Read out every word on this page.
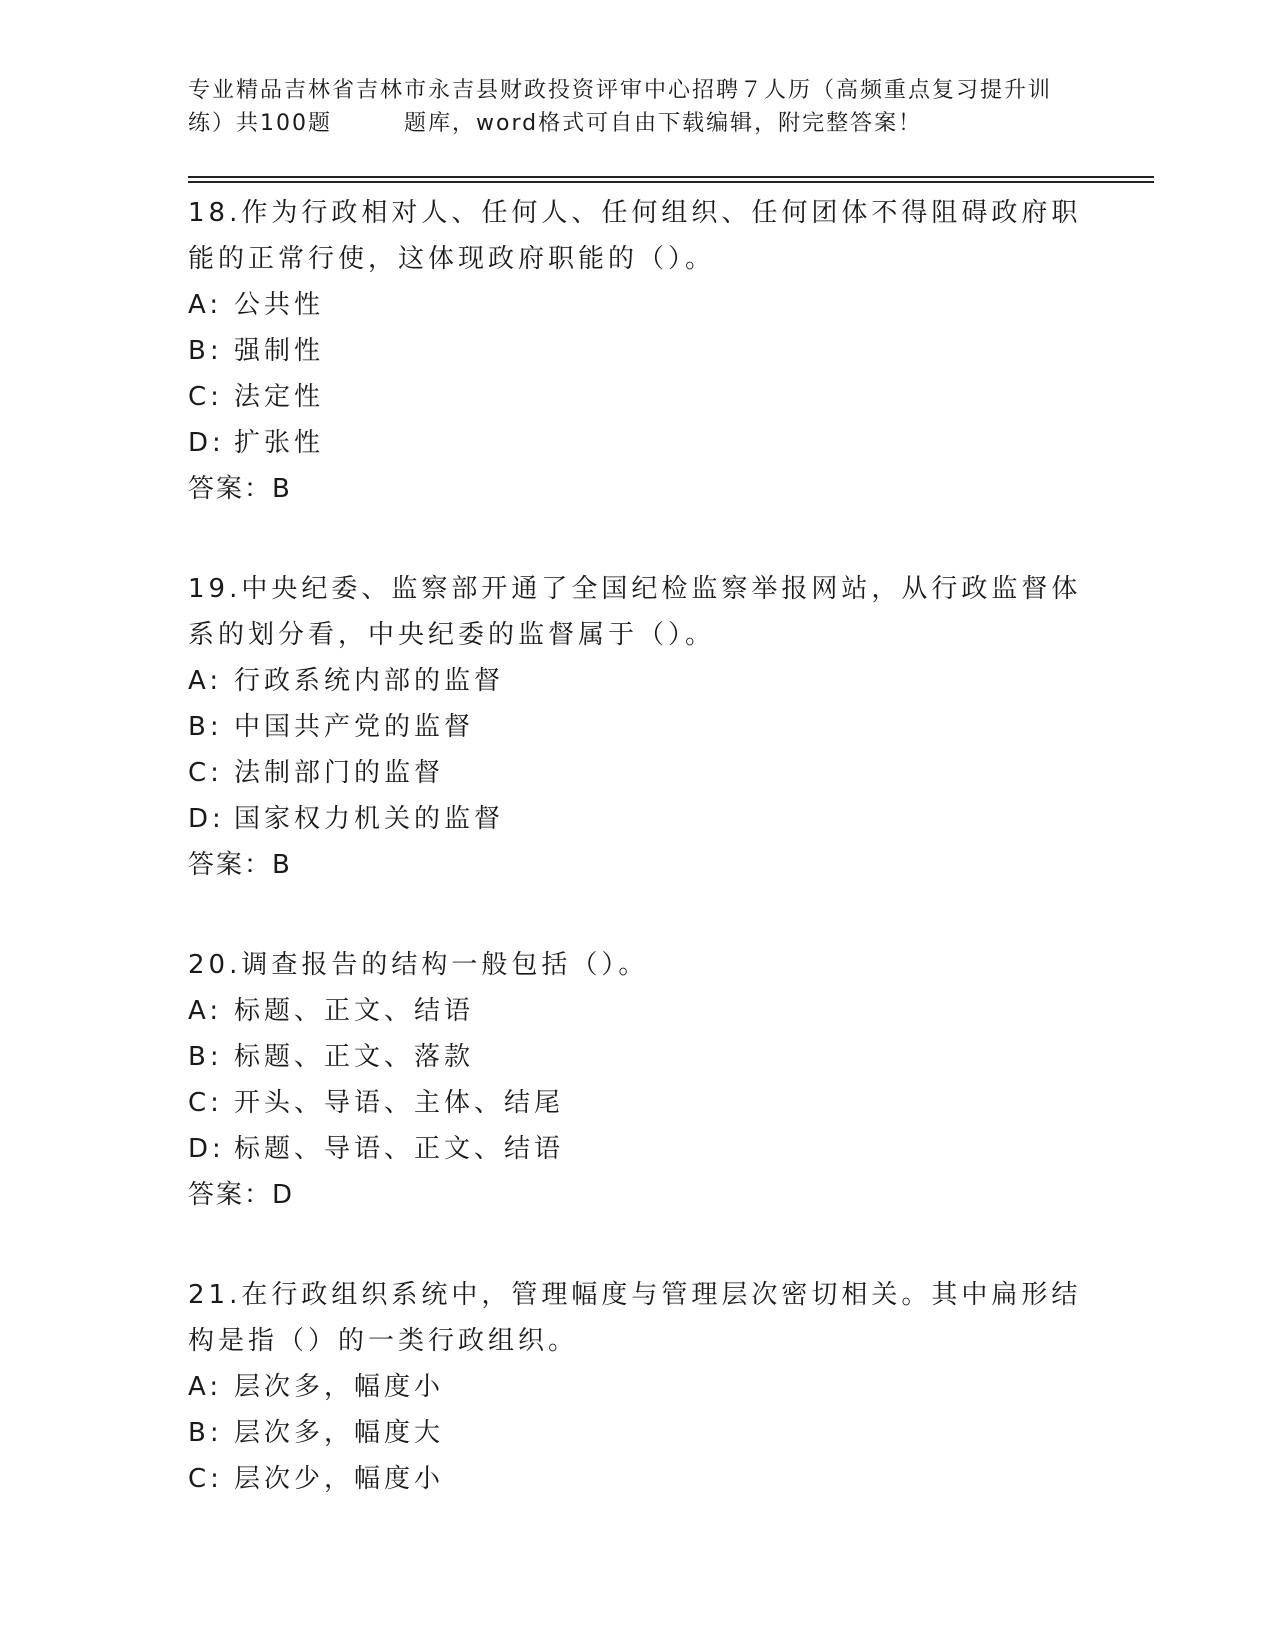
专业精品吉林省吉林市永吉县财政投资评审中心招聘７人历（高频重点复习提升训练）共100题	题库，word格式可自由下载编辑，附完整答案！

18.作为行政相对人、任何人、任何组织、任何团体不得阻碍政府职能的正常行使，这体现政府职能的（）。

A: 公共性

B: 强制性

C: 法定性

D: 扩张性

答案：B

19.中央纪委、监察部开通了全国纪检监察举报网站，从行政监督体系的划分看，中央纪委的监督属于（）。

A: 行政系统内部的监督

B: 中国共产党的监督

C: 法制部门的监督

D: 国家权力机关的监督

答案：B

20.调查报告的结构一般包括（）。

A: 标题、正文、结语

B: 标题、正文、落款

C: 开头、导语、主体、结尾

D: 标题、导语、正文、结语

答案：D

21.在行政组织系统中，管理幅度与管理层次密切相关。其中扁形结构是指（）的一类行政组织。

A: 层次多，幅度小

B: 层次多，幅度大

C: 层次少，幅度小
